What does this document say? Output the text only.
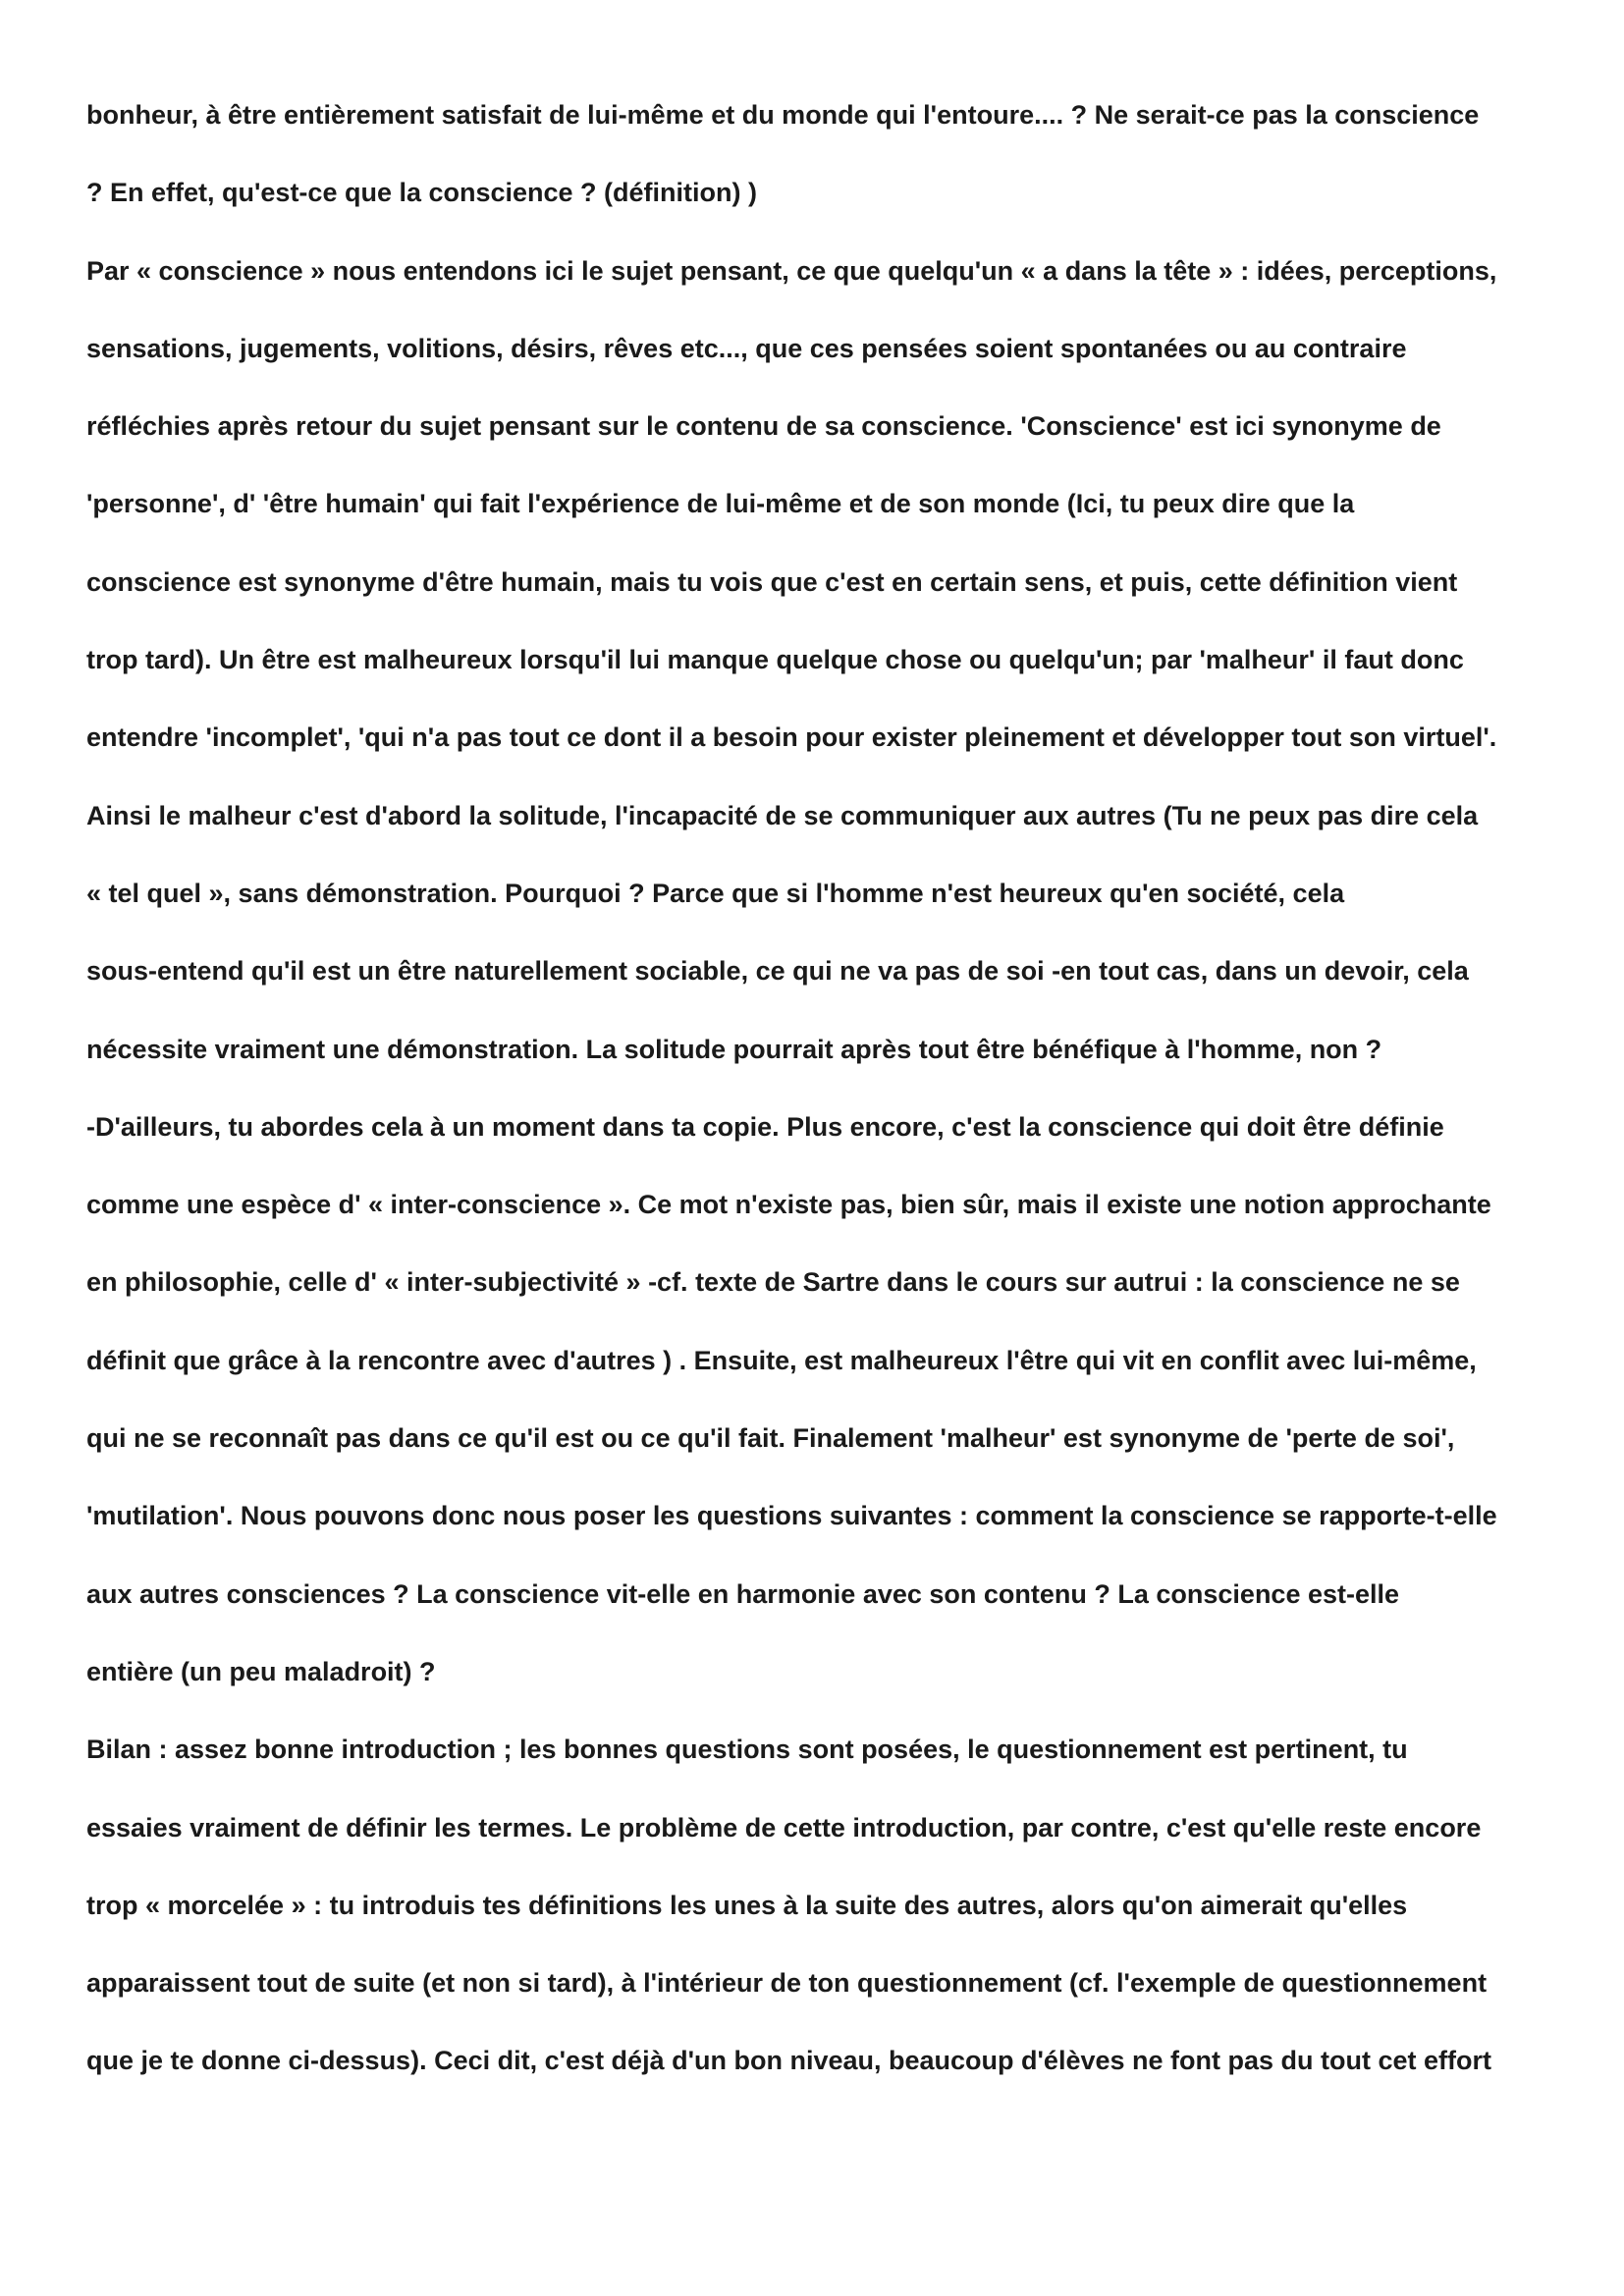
bonheur, à être entièrement satisfait de lui-même et du monde qui l'entoure.... ? Ne serait-ce pas la conscience
? En effet, qu'est-ce que la conscience ? (définition) )
Par « conscience » nous entendons ici le sujet pensant, ce que quelqu'un « a dans la tête » : idées, perceptions,
sensations, jugements, volitions, désirs, rêves etc..., que ces pensées soient spontanées ou au contraire
réfléchies après retour du sujet pensant sur le contenu de sa conscience. 'Conscience' est ici synonyme de
'personne', d' 'être humain' qui fait l'expérience de lui-même et de son monde (Ici, tu peux dire que la
conscience est synonyme d'être humain, mais tu vois que c'est en certain sens, et puis, cette définition vient
trop tard). Un être est malheureux lorsqu'il lui manque quelque chose ou quelqu'un; par 'malheur' il faut donc
entendre 'incomplet', 'qui n'a pas tout ce dont il a besoin pour exister pleinement et développer tout son virtuel'.
Ainsi le malheur c'est d'abord la solitude, l'incapacité de se communiquer aux autres (Tu ne peux pas dire cela
« tel quel », sans démonstration. Pourquoi ? Parce que si l'homme n'est heureux qu'en société, cela
sous-entend qu'il est un être naturellement sociable, ce qui ne va pas de soi -en tout cas, dans un devoir, cela
nécessite vraiment une démonstration. La solitude pourrait après tout être bénéfique à l'homme, non ?
-D'ailleurs, tu abordes cela à un moment dans ta copie. Plus encore, c'est la conscience qui doit être définie
comme une espèce d' « inter-conscience ». Ce mot n'existe pas, bien sûr, mais il existe une notion approchante
en philosophie, celle d' « inter-subjectivité » -cf. texte de Sartre dans le cours sur autrui : la conscience ne se
définit que grâce à la rencontre avec d'autres ) . Ensuite, est malheureux l'être qui vit en conflit avec lui-même,
qui ne se reconnaît pas dans ce qu'il est ou ce qu'il fait. Finalement 'malheur' est synonyme de 'perte de soi',
'mutilation'. Nous pouvons donc nous poser les questions suivantes : comment la conscience se rapporte-t-elle
aux autres consciences ? La conscience vit-elle en harmonie avec son contenu ? La conscience est-elle
entière (un peu maladroit) ?
Bilan : assez bonne introduction ; les bonnes questions sont posées, le questionnement est pertinent, tu
essaies vraiment de définir les termes. Le problème de cette introduction, par contre, c'est qu'elle reste encore
trop « morcelée » : tu introduis tes définitions les unes à la suite des autres, alors qu'on aimerait qu'elles
apparaissent tout de suite (et non si tard), à l'intérieur de ton questionnement (cf. l'exemple de questionnement
que je te donne ci-dessus). Ceci dit, c'est déjà d'un bon niveau, beaucoup d'élèves ne font pas du tout cet effort
